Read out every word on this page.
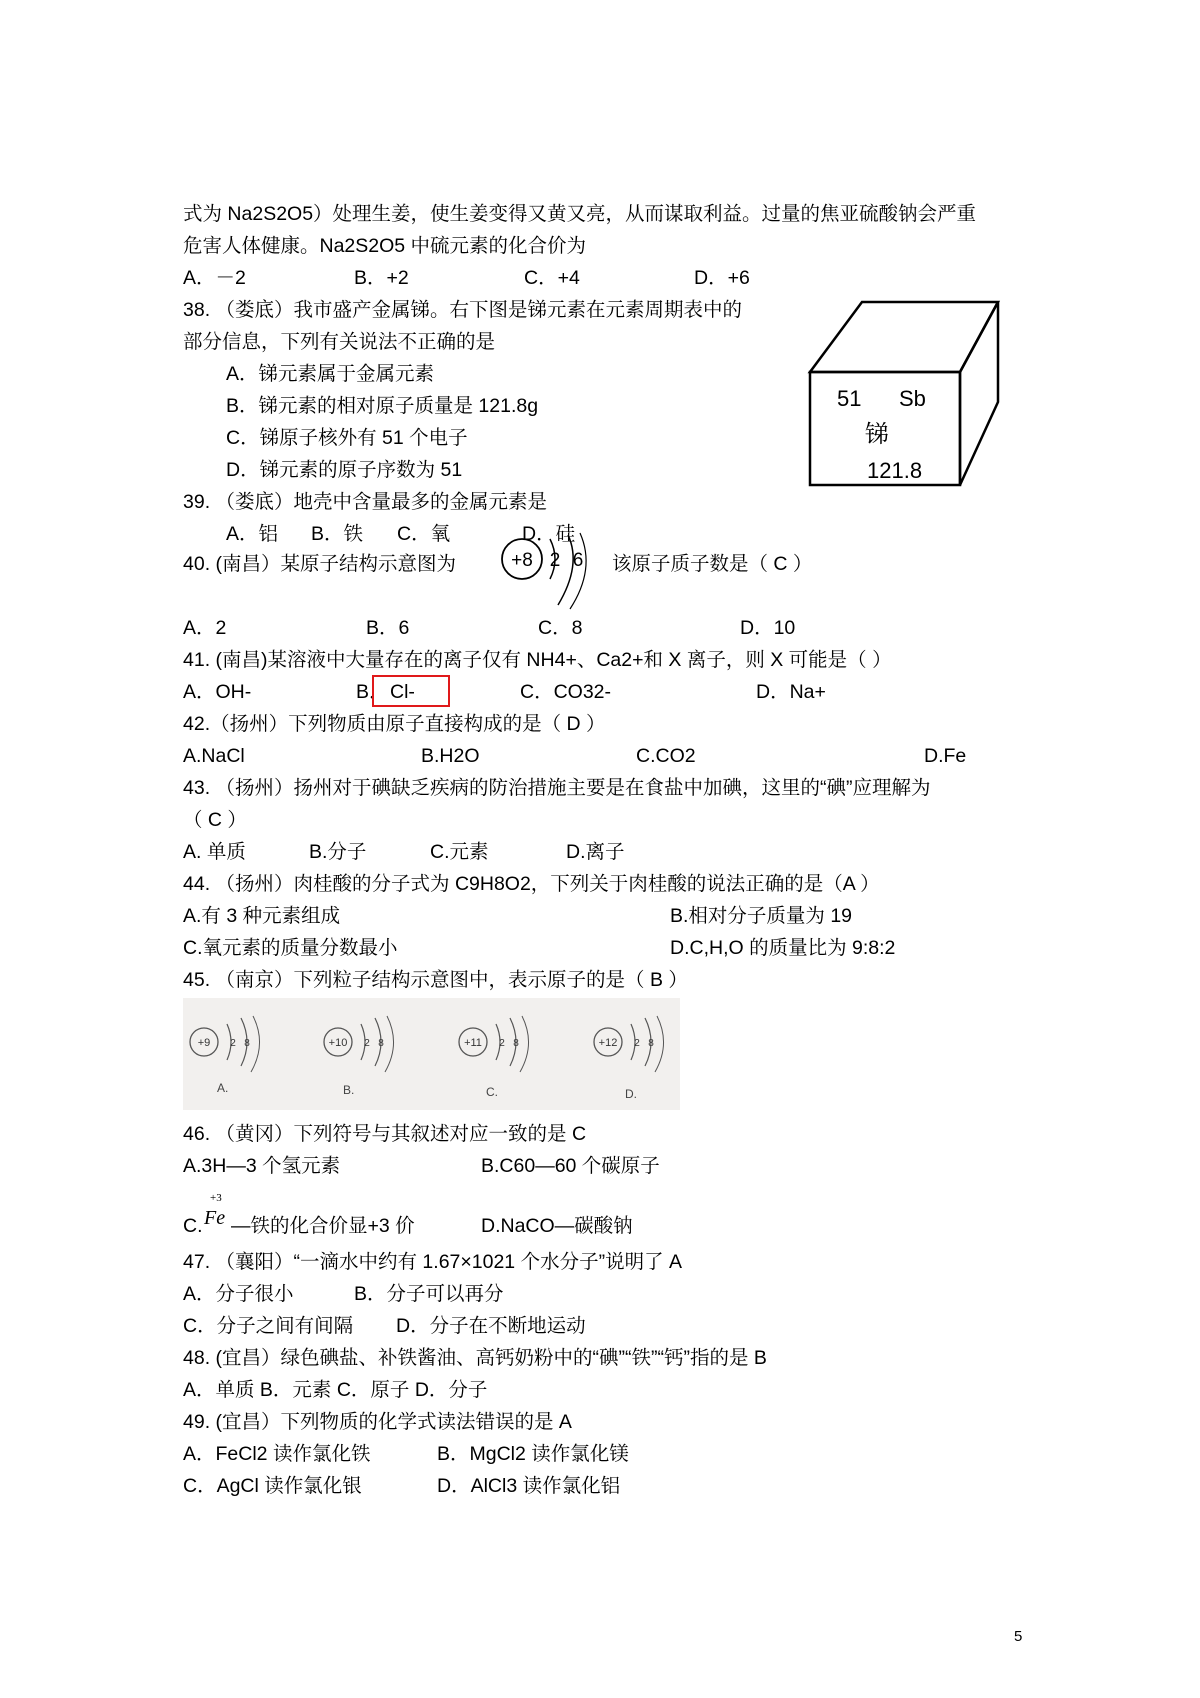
式为 Na2S2O5）处理生姜，使生姜变得又黄又亮，从而谋取利益。过量的焦亚硫酸钠会严重
危害人体健康。Na2S2O5 中硫元素的化合价为
A．－2	B．+2	C．+4	D．+6
38. （娄底）我市盛产金属锑。右下图是锑元素在元素周期表中的
部分信息，下列有关说法不正确的是
A．锑元素属于金属元素
B．锑元素的相对原子质量是 121.8g
C．锑原子核外有 51 个电子
D．锑元素的原子序数为 51
51 Sb
锑
121.8
39. （娄底）地壳中含量最多的金属元素是
A．铝 B．铁 C．氧	D．硅
40. (南昌）某原子结构示意图为	+8 2 6 该原子质子数是（ C ）
A．2	B．6	C．8	D．10
41. (南昌)某溶液中大量存在的离子仅有 NH4+、Ca2+和 X 离子，则 X 可能是（ ）
A．OH-	B． Cl-	C．CO32-	D．Na+
42.（扬州）下列物质由原子直接构成的是（ D ）
A.NaCl	B.H2O	C.CO2	D.Fe
43. （扬州）扬州对于碘缺乏疾病的防治措施主要是在食盐中加碘，这里的“碘”应理解为
（ C ）
A. 单质	B.分子	C.元素	D.离子
44. （扬州）肉桂酸的分子式为 C9H8O2，下列关于肉桂酸的说法正确的是（A ）
A.有 3 种元素组成	B.相对分子质量为 19
C.氧元素的质量分数最小	D.C,H,O 的质量比为 9:8:2
45. （南京）下列粒子结构示意图中，表示原子的是（ B ）
+9 2 8
A.
+10 2 8
B.
+11 2 8
C.
+12 2 8
D.
46. （黄冈）下列符号与其叙述对应一致的是 C
A.3H—3 个氢元素	B.C60—60 个碳原子
C.
+3
Fe —铁的化合价显+3 价	D.NaCO—碳酸钠
47. （襄阳）“一滴水中约有 1.67×1021 个水分子”说明了 A
A．分子很小	B．分子可以再分
C．分子之间有间隔 D．分子在不断地运动
48. (宜昌）绿色碘盐、补铁酱油、高钙奶粉中的“碘”“铁”“钙”指的是 B
A．单质 B．元素 C．原子 D．分子
49. (宜昌）下列物质的化学式读法错误的是 A
A．FeCl2 读作氯化铁	B．MgCl2 读作氯化镁
C．AgCl 读作氯化银	D．AlCl3 读作氯化铝
5
